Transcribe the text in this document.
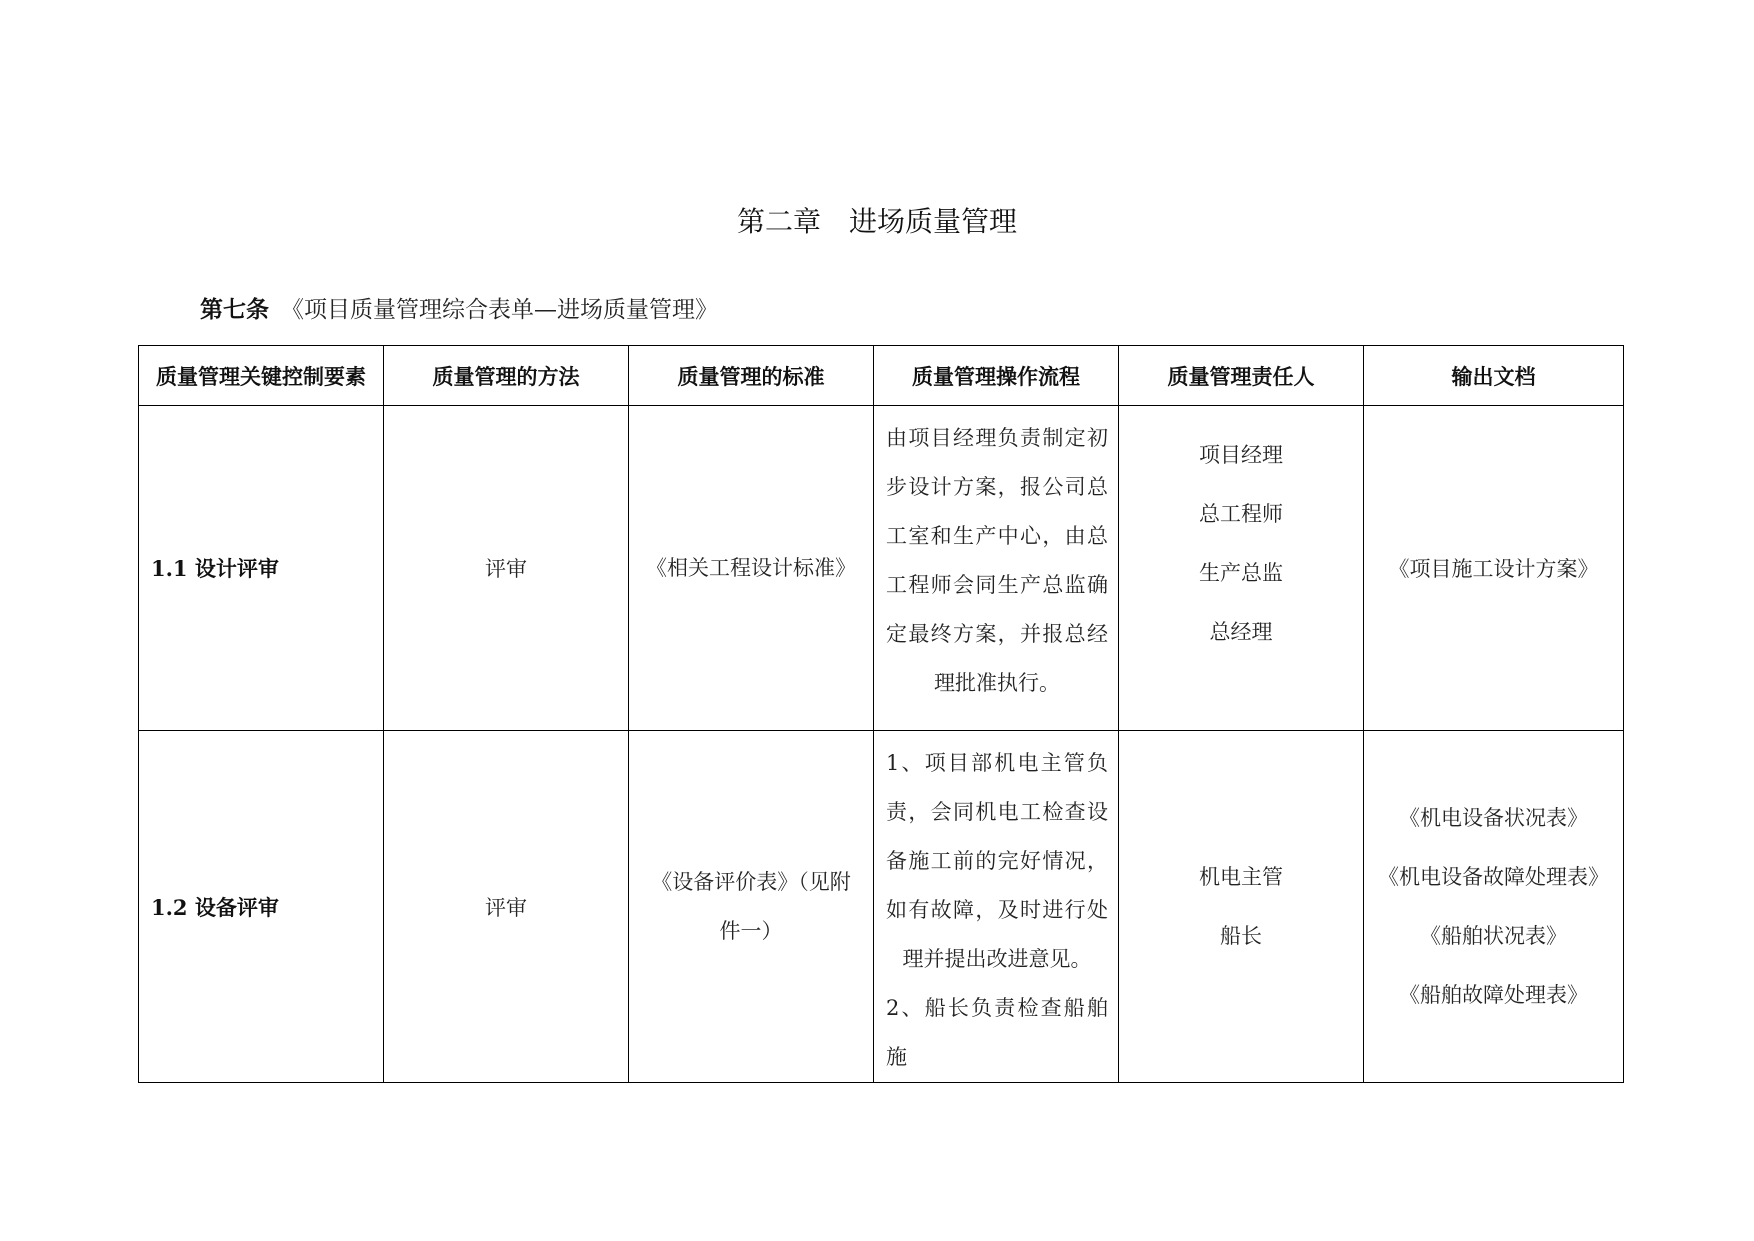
第二章　进场质量管理
第七条 《项目质量管理综合表单—进场质量管理》
质量管理关键控制要素	质量管理的方法	质量管理的标准	质量管理操作流程	质量管理责任人	输出文档
1.1 设计评审	评审	《相关工程设计标准》	由项目经理负责制定初步设计方案，报公司总工室和生产中心，由总工程师会同生产总监确定最终方案，并报总经理批准执行。	项目经理
总工程师
生产总监
总经理	《项目施工设计方案》

1.2 设备评审	评审	《设备评价表》（见附件一）	1、项目部机电主管负责，会同机电工检查设备施工前的完好情况，如有故障，及时进行处理并提出改进意见。
2、船长负责检查船舶施	机电主管
船长	《机电设备状况表》
《机电设备故障处理表》
《船舶状况表》
《船舶故障处理表》
